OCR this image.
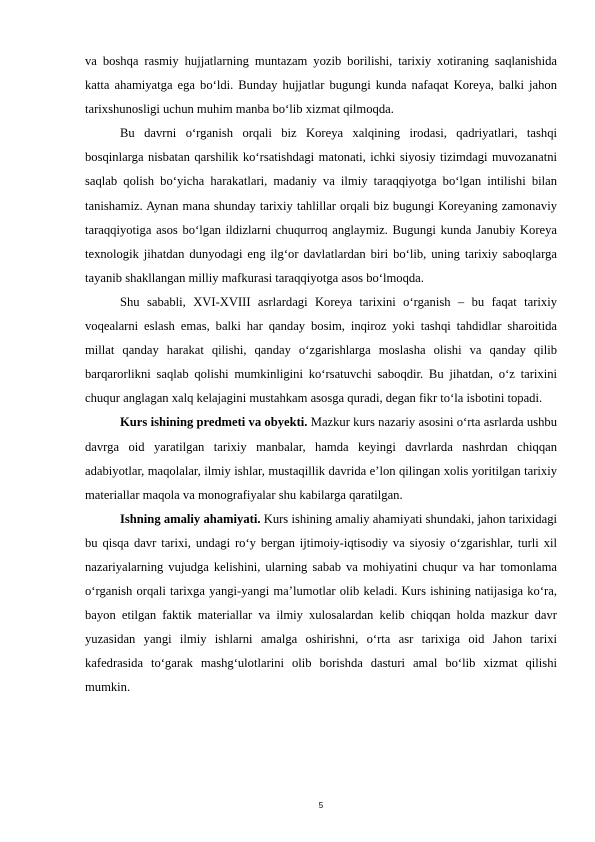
va boshqa rasmiy hujjatlarning muntazam yozib borilishi, tarixiy xotiraning saqlanishida katta ahamiyatga ega bo‘ldi. Bunday hujjatlar bugungi kunda nafaqat Koreya, balki jahon tarixshunosligi uchun muhim manba bo‘lib xizmat qilmoqda.

Bu davrni o‘rganish orqali biz Koreya xalqining irodasi, qadriyatlari, tashqi bosqinlarga nisbatan qarshilik ko‘rsatishdagi matonati, ichki siyosiy tizimdagi muvozanatni saqlab qolish bo‘yicha harakatlari, madaniy va ilmiy taraqqiyotga bo‘lgan intilishi bilan tanishamiz. Aynan mana shunday tarixiy tahlillar orqali biz bugungi Koreyaning zamonaviy taraqqiyotiga asos bo‘lgan ildizlarni chuqurroq anglaymiz. Bugungi kunda Janubiy Koreya texnologik jihatdan dunyodagi eng ilg‘or davlatlardan biri bo‘lib, uning tarixiy saboqlarga tayanib shakllangan milliy mafkurasi taraqqiyotga asos bo‘lmoqda.

Shu sababli, XVI-XVIII asrlardagi Koreya tarixini o‘rganish – bu faqat tarixiy voqealarni eslash emas, balki har qanday bosim, inqiroz yoki tashqi tahdidlar sharoitida millat qanday harakat qilishi, qanday o‘zgarishlarga moslasha olishi va qanday qilib barqarorlikni saqlab qolishi mumkinligini ko‘rsatuvchi saboqdir. Bu jihatdan, o‘z tarixini chuqur anglagan xalq kelajagini mustahkam asosga quradi, degan fikr to‘la isbotini topadi.

Kurs ishining predmeti va obyekti. Mazkur kurs nazariy asosini o‘rta asrlarda ushbu davrga oid yaratilgan tarixiy manbalar, hamda keyingi davrlarda nashrdan chiqqan adabiyotlar, maqolalar, ilmiy ishlar, mustaqillik davrida e’lon qilingan xolis yoritilgan tarixiy materiallar maqola va monografiyalar shu kabilarga qaratilgan.

Ishning amaliy ahamiyati. Kurs ishining amaliy ahamiyati shundaki, jahon tarixidagi bu qisqa davr tarixi, undagi ro‘y bergan ijtimoiy-iqtisodiy va siyosiy o‘zgarishlar, turli xil nazariyalarning vujudga kelishini, ularning sabab va mohiyatini chuqur va har tomonlama o‘rganish orqali tarixga yangi-yangi ma’lumotlar olib keladi. Kurs ishining natijasiga ko‘ra, bayon etilgan faktik materiallar va ilmiy xulosalardan kelib chiqqan holda mazkur davr yuzasidan yangi ilmiy ishlarni amalga oshirishni, o‘rta asr tarixiga oid Jahon tarixi kafedrasida to‘garak mashg‘ulotlarini olib borishda dasturi amal bo‘lib xizmat qilishi mumkin.

5
